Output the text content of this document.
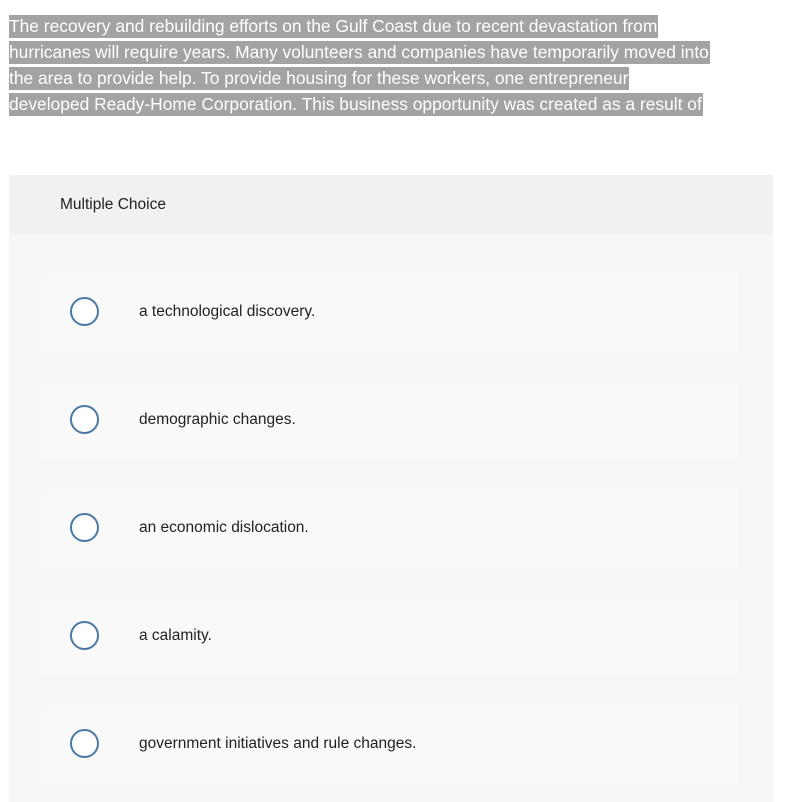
The recovery and rebuilding efforts on the Gulf Coast due to recent devastation from
hurricanes will require years. Many volunteers and companies have temporarily moved into
the area to provide help. To provide housing for these workers, one entrepreneur
developed Ready-Home Corporation. This business opportunity was created as a result of

Multiple Choice
a technological discovery.
demographic changes.
an economic dislocation.
a calamity.
government initiatives and rule changes.
